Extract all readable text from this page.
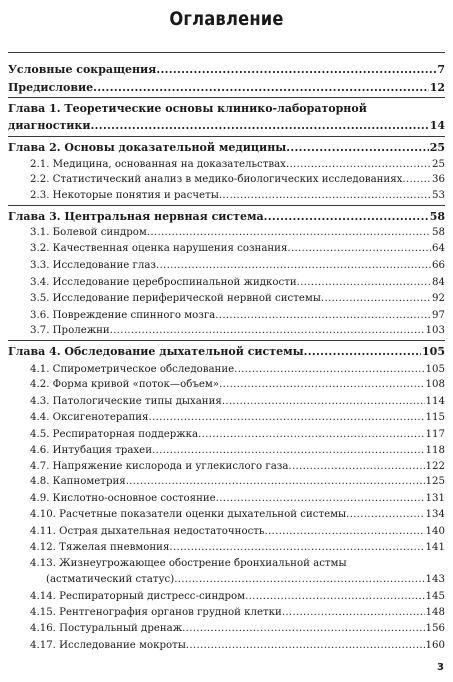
Оглавление
Условные сокращения .....	7
Предисловие .....	12
Глава 1. Теоретические основы клинико-лабораторной
диагностики .....	14
Глава 2. Основы доказательной медицины .....	25
2.1. Медицина, основанная на доказательствах .....	25
2.2. Статистический анализ в медико-биологических исследованиях .....	36
2.3. Некоторые понятия и расчеты .....	53
Глава 3. Центральная нервная система .....	58
3.1. Болевой синдром .....	58
3.2. Качественная оценка нарушения сознания .....	64
3.3. Исследование глаз .....	66
3.4. Исследование цереброспинальной жидкости .....	84
3.5. Исследование периферической нервной системы .....	92
3.6. Повреждение спинного мозга .....	97
3.7. Пролежни .....	103
Глава 4. Обследование дыхательной системы .....	105
4.1. Спирометрическое обследование .....	105
4.2. Форма кривой «поток—объем» .....	108
4.3. Патологические типы дыхания .....	114
4.4. Оксигенотерапия .....	115
4.5. Респираторная поддержка .....	117
4.6. Интубация трахеи .....	118
4.7. Напряжение кислорода и углекислого газа .....	122
4.8. Капнометрия .....	125
4.9. Кислотно-основное состояние .....	131
4.10. Расчетные показатели оценки дыхательной системы .....	134
4.11. Острая дыхательная недостаточность .....	140
4.12. Тяжелая пневмония .....	141
4.13. Жизнеугрожающее обострение бронхиальной астмы
(астматический статус) .....	143
4.14. Респираторный дистресс-синдром .....	145
4.15. Рентгенография органов грудной клетки .....	148
4.16. Постуральный дренаж .....	156
4.17. Исследование мокроты .....	160
3
